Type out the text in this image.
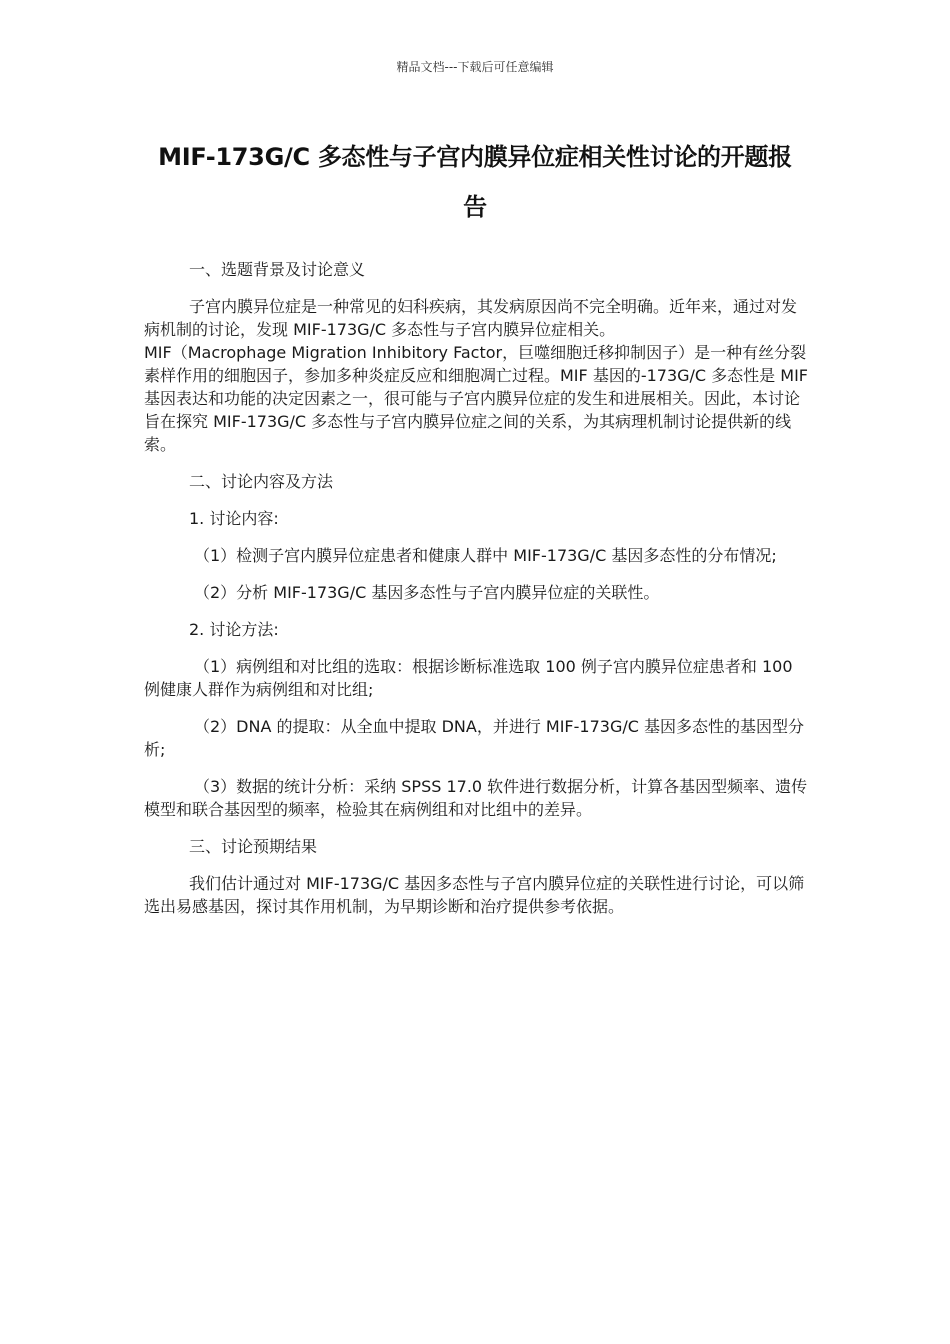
精品文档---下载后可任意编辑
MIF-173G/C 多态性与子宫内膜异位症相关性讨论的开题报
告

一、选题背景及讨论意义

子宫内膜异位症是一种常见的妇科疾病，其发病原因尚不完全明确。近年来，通过对发病机制的讨论，发现 MIF-173G/C 多态性与子宫内膜异位症相关。

MIF（Macrophage Migration Inhibitory Factor，巨噬细胞迁移抑制因子）是一种有丝分裂素样作用的细胞因子，参加多种炎症反应和细胞凋亡过程。MIF 基因的-173G/C 多态性是 MIF 基因表达和功能的决定因素之一，很可能与子宫内膜异位症的发生和进展相关。因此，本讨论旨在探究 MIF-173G/C 多态性与子宫内膜异位症之间的关系，为其病理机制讨论提供新的线索。

二、讨论内容及方法

1. 讨论内容:

（1）检测子宫内膜异位症患者和健康人群中 MIF-173G/C 基因多态性的分布情况;

（2）分析 MIF-173G/C 基因多态性与子宫内膜异位症的关联性。

2. 讨论方法:

（1）病例组和对比组的选取：根据诊断标准选取 100 例子宫内膜异位症患者和 100 例健康人群作为病例组和对比组;

（2）DNA 的提取：从全血中提取 DNA，并进行 MIF-173G/C 基因多态性的基因型分析;

（3）数据的统计分析：采纳 SPSS 17.0 软件进行数据分析，计算各基因型频率、遗传模型和联合基因型的频率，检验其在病例组和对比组中的差异。

三、讨论预期结果

我们估计通过对 MIF-173G/C 基因多态性与子宫内膜异位症的关联性进行讨论，可以筛选出易感基因，探讨其作用机制，为早期诊断和治疗提供参考依据。
